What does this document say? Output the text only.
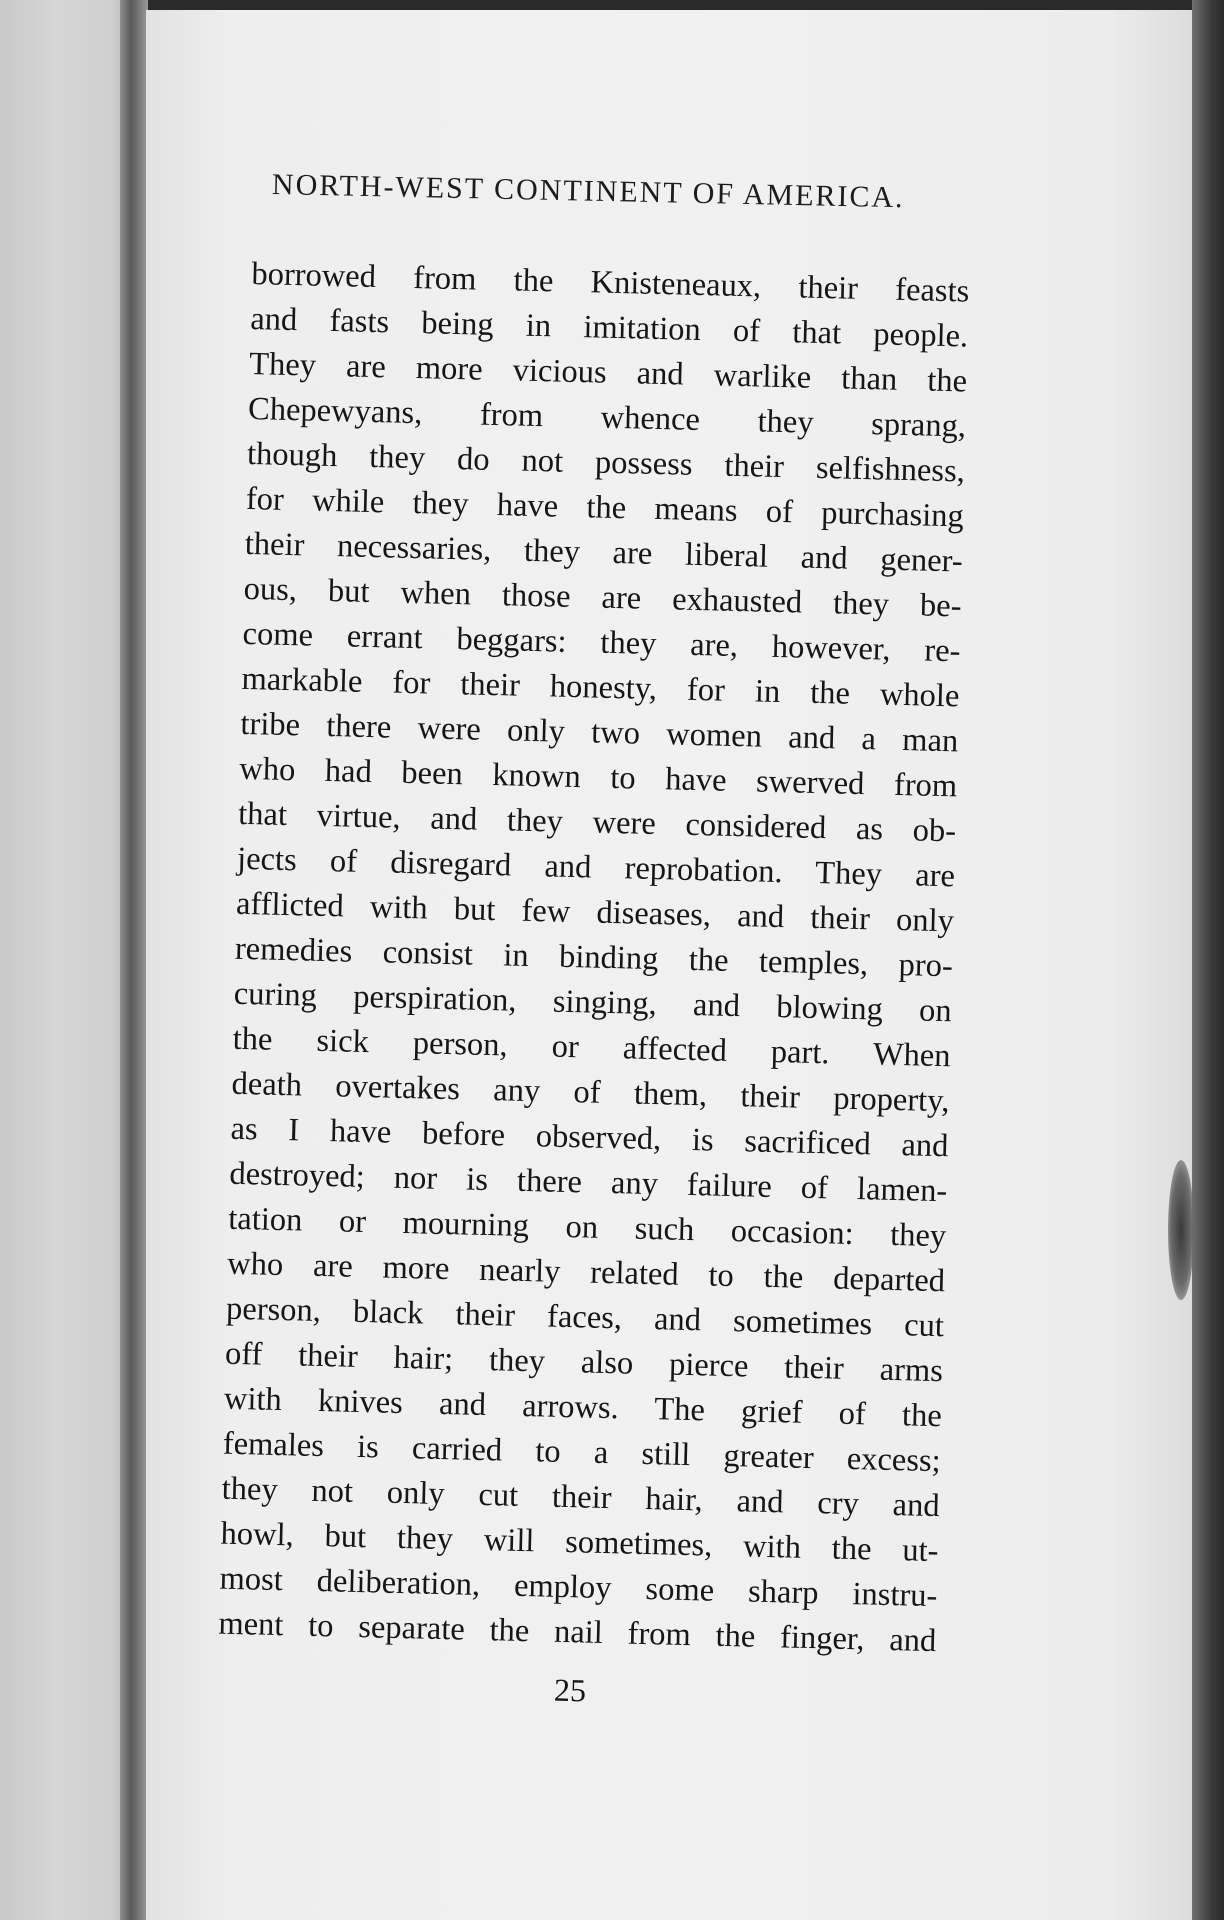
NORTH-WEST CONTINENT OF AMERICA.
borrowed from the Knisteneaux, their feasts
and fasts being in imitation of that people.
They are more vicious and warlike than the
Chepewyans, from whence they sprang,
though they do not possess their selfishness,
for while they have the means of purchasing
their necessaries, they are liberal and gener-
ous, but when those are exhausted they be-
come errant beggars: they are, however, re-
markable for their honesty, for in the whole
tribe there were only two women and a man
who had been known to have swerved from
that virtue, and they were considered as ob-
jects of disregard and reprobation. They are
afflicted with but few diseases, and their only
remedies consist in binding the temples, pro-
curing perspiration, singing, and blowing on
the sick person, or affected part. When
death overtakes any of them, their property,
as I have before observed, is sacrificed and
destroyed; nor is there any failure of lamen-
tation or mourning on such occasion: they
who are more nearly related to the departed
person, black their faces, and sometimes cut
off their hair; they also pierce their arms
with knives and arrows. The grief of the
females is carried to a still greater excess;
they not only cut their hair, and cry and
howl, but they will sometimes, with the ut-
most deliberation, employ some sharp instru-
ment to separate the nail from the finger, and
25
